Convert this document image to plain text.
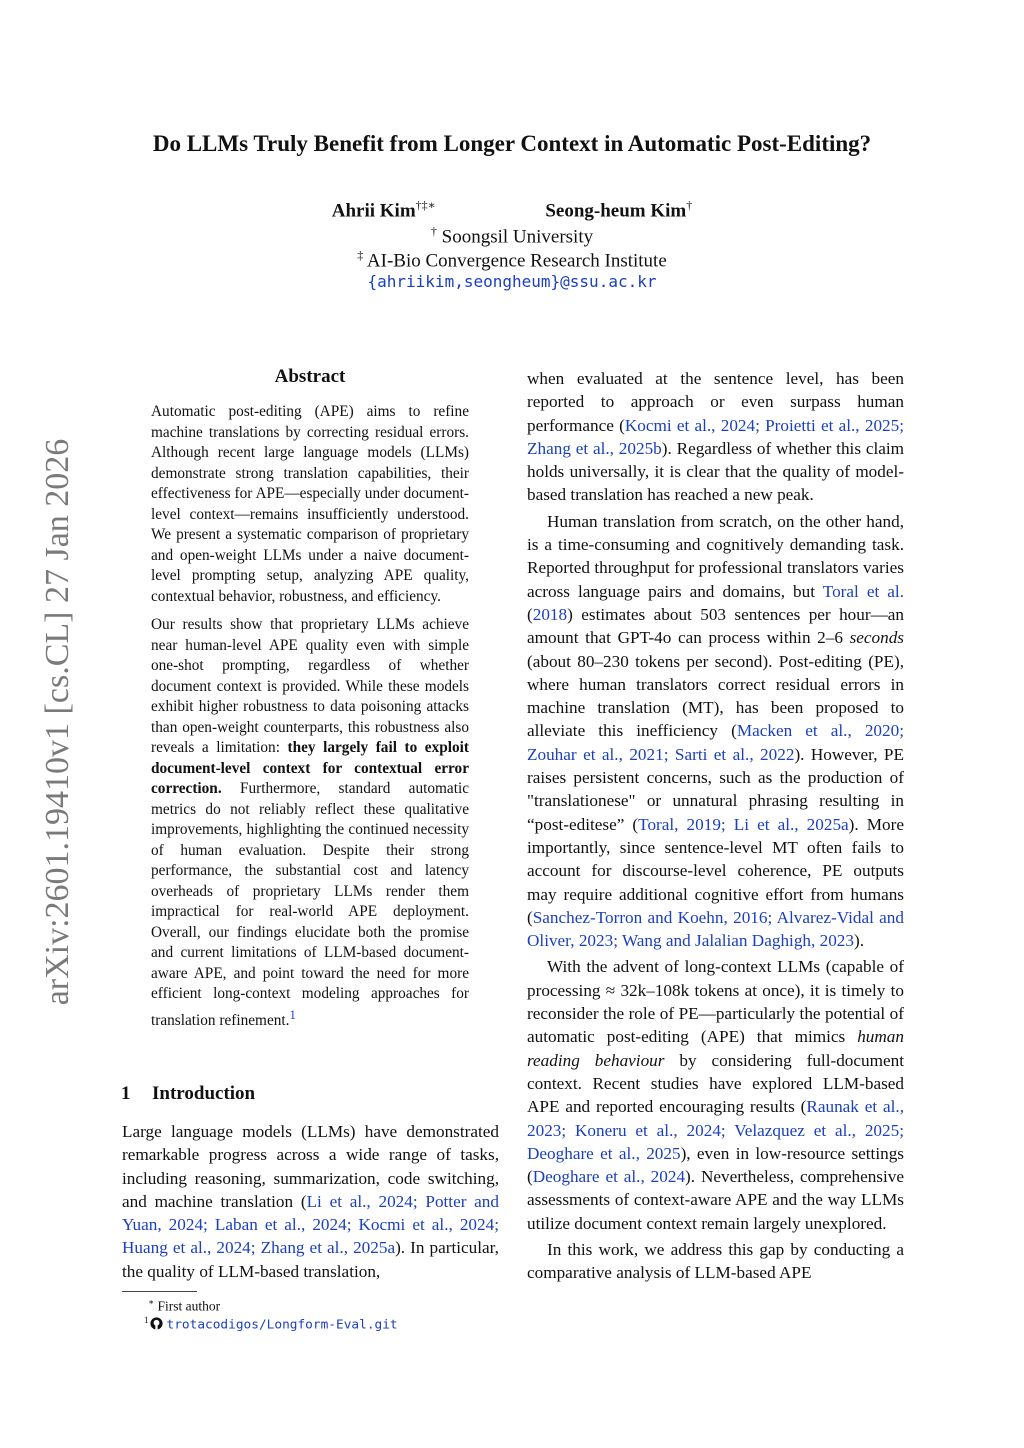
Do LLMs Truly Benefit from Longer Context in Automatic Post-Editing?
Ahrii Kim†‡∗	Seong-heum Kim†
† Soongsil University
‡ AI-Bio Convergence Research Institute
{ahriikim,seongheum}@ssu.ac.kr
arXiv:2601.19410v1 [cs.CL] 27 Jan 2026
Abstract

Automatic post-editing (APE) aims to refine machine translations by correcting residual errors. Although recent large language models (LLMs) demonstrate strong translation capabilities, their effectiveness for APE—especially under document-level context—remains insufficiently understood. We present a systematic comparison of proprietary and open-weight LLMs under a naive document-level prompting setup, analyzing APE quality, contextual behavior, robustness, and efficiency.

Our results show that proprietary LLMs achieve near human-level APE quality even with simple one-shot prompting, regardless of whether document context is provided. While these models exhibit higher robustness to data poisoning attacks than open-weight counterparts, this robustness also reveals a limitation: they largely fail to exploit document-level context for contextual error correction. Furthermore, standard automatic metrics do not reliably reflect these qualitative improvements, highlighting the continued necessity of human evaluation. Despite their strong performance, the substantial cost and latency overheads of proprietary LLMs render them impractical for real-world APE deployment. Overall, our findings elucidate both the promise and current limitations of LLM-based document-aware APE, and point toward the need for more efficient long-context modeling approaches for translation refinement.$^1$

1 Introduction

Large language models (LLMs) have demonstrated remarkable progress across a wide range of tasks, including reasoning, summarization, code switching, and machine translation (Li et al., 2024; Potter and Yuan, 2024; Laban et al., 2024; Kocmi et al., 2024; Huang et al., 2024; Zhang et al., 2025a). In particular, the quality of LLM-based translation,

when evaluated at the sentence level, has been reported to approach or even surpass human performance (Kocmi et al., 2024; Proietti et al., 2025; Zhang et al., 2025b). Regardless of whether this claim holds universally, it is clear that the quality of model-based translation has reached a new peak.

Human translation from scratch, on the other hand, is a time-consuming and cognitively demanding task. Reported throughput for professional translators varies across language pairs and domains, but Toral et al. (2018) estimates about 503 sentences per hour—an amount that GPT-4o can process within 2–6 seconds (about 80–230 tokens per second). Post-editing (PE), where human translators correct residual errors in machine translation (MT), has been proposed to alleviate this inefficiency (Macken et al., 2020; Zouhar et al., 2021; Sarti et al., 2022). However, PE raises persistent concerns, such as the production of "translationese" or unnatural phrasing resulting in “post-editese” (Toral, 2019; Li et al., 2025a). More importantly, since sentence-level MT often fails to account for discourse-level coherence, PE outputs may require additional cognitive effort from humans (Sanchez-Torron and Koehn, 2016; Alvarez-Vidal and Oliver, 2023; Wang and Jalalian Daghigh, 2023).

With the advent of long-context LLMs (capable of processing ≈ 32k–108k tokens at once), it is timely to reconsider the role of PE—particularly the potential of automatic post-editing (APE) that mimics human reading behaviour by considering full-document context. Recent studies have explored LLM-based APE and reported encouraging results (Raunak et al., 2023; Koneru et al., 2024; Velazquez et al., 2025; Deoghare et al., 2025), even in low-resource settings (Deoghare et al., 2024). Nevertheless, comprehensive assessments of context-aware APE and the way LLMs utilize document context remain largely unexplored.

In this work, we address this gap by conducting a comparative analysis of LLM-based APE

∗ First author
$^1$ trotacodigos/Longform-Eval.git
